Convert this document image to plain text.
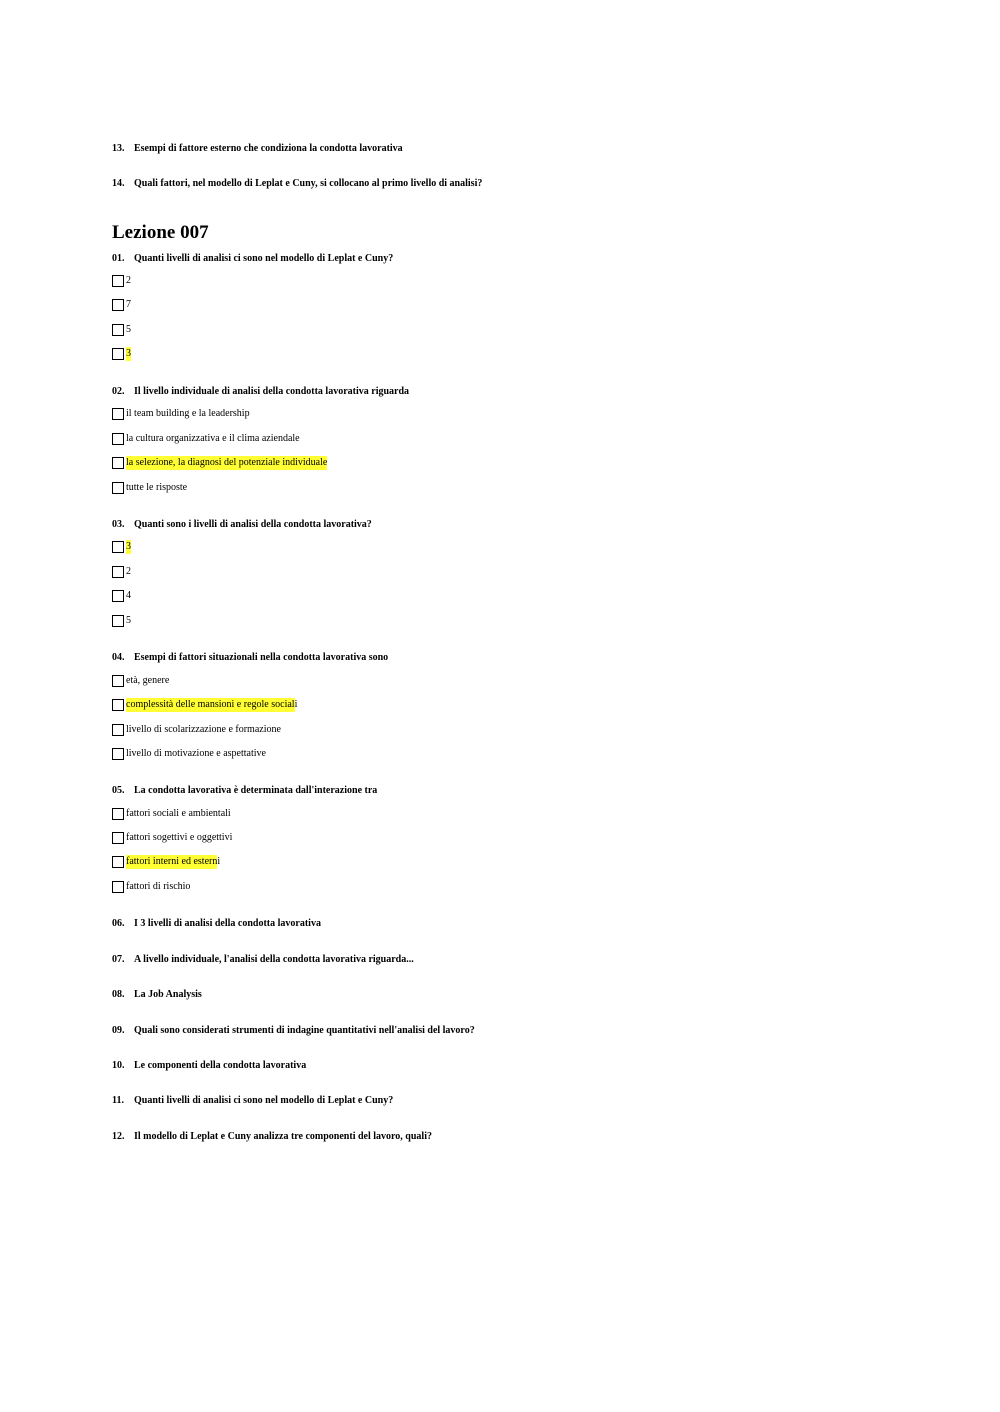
13. Esempi di fattore esterno che condiziona la condotta lavorativa
14. Quali fattori, nel modello di Leplat e Cuny, si collocano al primo livello di analisi?
Lezione 007
01. Quanti livelli di analisi ci sono nel modello di Leplat e Cuny?
2
7
5
3
02. Il livello individuale di analisi della condotta lavorativa riguarda
il team building e la leadership
la cultura organizzativa e il clima aziendale
la selezione, la diagnosi del potenziale individuale
tutte le risposte
03. Quanti sono i livelli di analisi della condotta lavorativa?
3
2
4
5
04. Esempi di fattori situazionali nella condotta lavorativa sono
età, genere
complessità delle mansioni e regole social i
livello di scolarizzazione e formazione
livello di motivazione e aspettative
05. La condotta lavorativa è determinata dall'interazione tra
fattori sociali e ambientali
fattori sogettivi e oggettivi
fattori interni ed estern i
fattori di rischio
06. I 3 livelli di analisi della condotta lavorativa
07. A livello individuale, l'analisi della condotta lavorativa riguarda...
08. La Job Analysis
09. Quali sono considerati strumenti di indagine quantitativi nell'analisi del lavoro?
10. Le componenti della condotta lavorativa
11. Quanti livelli di analisi ci sono nel modello di Leplat e Cuny?
12. Il modello di Leplat e Cuny analizza tre componenti del lavoro, quali?
